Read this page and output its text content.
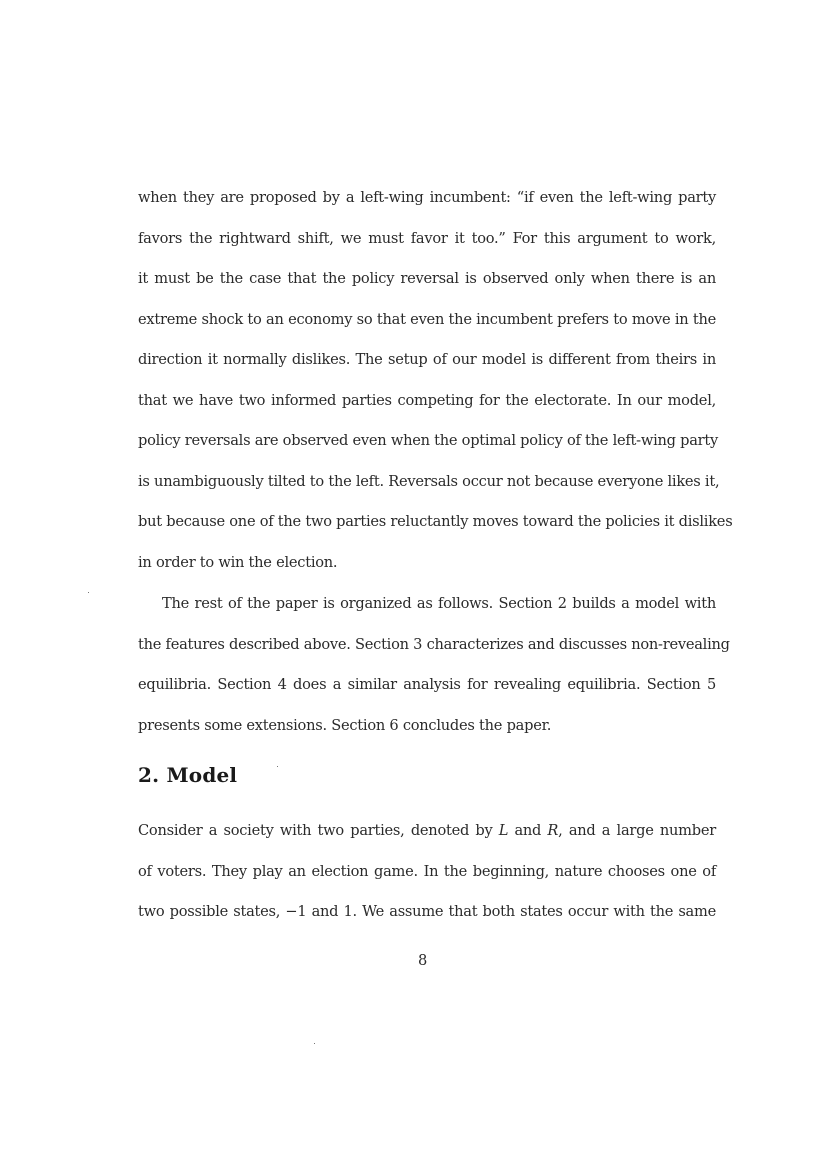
when they are proposed by a left-wing incumbent: “if even the left-wing party
favors the rightward shift, we must favor it too.” For this argument to work,
it must be the case that the policy reversal is observed only when there is an
extreme shock to an economy so that even the incumbent prefers to move in the
direction it normally dislikes. The setup of our model is different from theirs in
that we have two informed parties competing for the electorate. In our model,
policy reversals are observed even when the optimal policy of the left-wing party
is unambiguously tilted to the left. Reversals occur not because everyone likes it,
but because one of the two parties reluctantly moves toward the policies it dislikes
in order to win the election.
The rest of the paper is organized as follows. Section 2 builds a model with
the features described above. Section 3 characterizes and discusses non-revealing
equilibria. Section 4 does a similar analysis for revealing equilibria. Section 5
presents some extensions. Section 6 concludes the paper.
2. Model
Consider a society with two parties, denoted by L and R, and a large number
of voters. They play an election game. In the beginning, nature chooses one of
two possible states, −1 and 1. We assume that both states occur with the same
8
